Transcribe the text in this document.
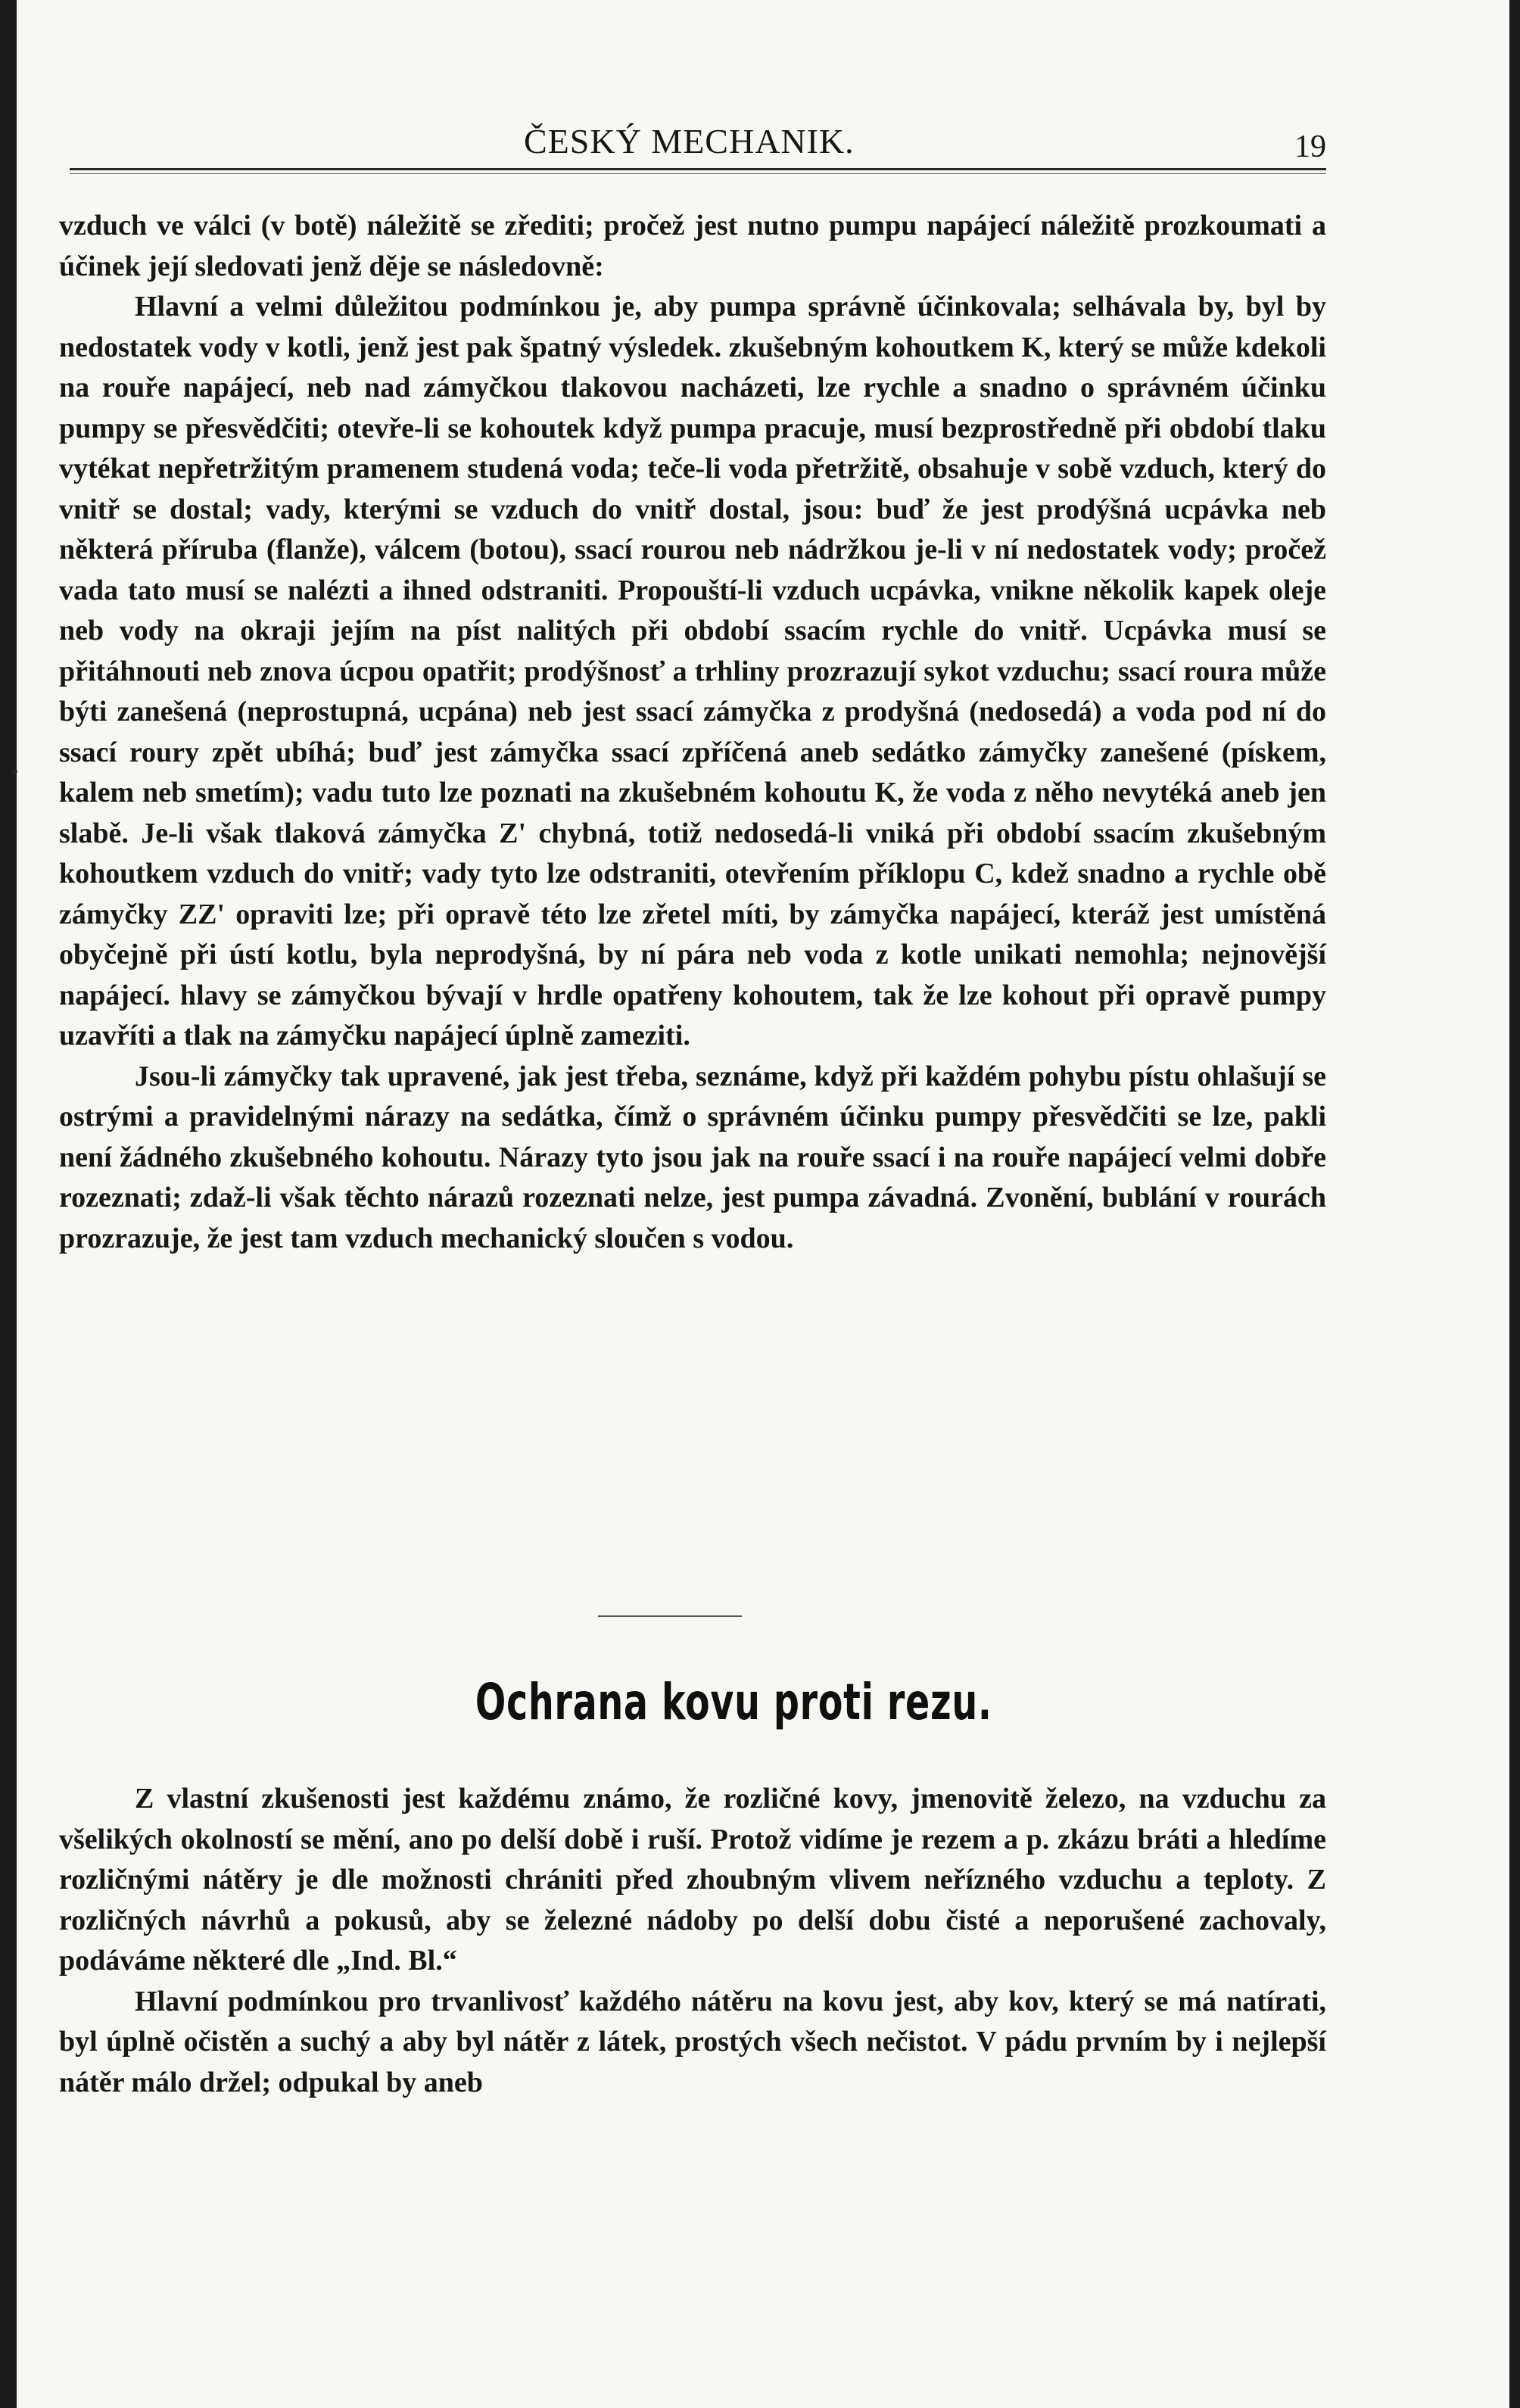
ČESKÝ MECHANIK.	19
•

vzduch ve válci (v botě) náležitě se zřediti; pročež jest nutno pumpu napájecí náležitě prozkoumati a účinek její sledovati jenž děje se následovně:

Hlavní a velmi důležitou podmínkou je, aby pumpa správně účinkovala; selhávala by, byl by nedostatek vody v kotli, jenž jest pak špatný výsledek. zkušebným kohoutkem K, který se může kdekoli na rouře napájecí, neb nad zámyčkou tlakovou nacházeti, lze rychle a snadno o správném účinku pumpy se přesvědčiti; otevře-li se kohoutek když pumpa pracuje, musí bezprostředně při období tlaku vytékat nepřetržitým pramenem studená voda; teče-li voda přetržitě, obsahuje v sobě vzduch, který do vnitř se dostal; vady, kterými se vzduch do vnitř dostal, jsou: buď že jest prodýšná ucpávka neb některá příruba (flanže), válcem (botou), ssací rourou neb nádržkou je-li v ní nedostatek vody; pročež vada tato musí se nalézti a ihned odstraniti. Propouští-li vzduch ucpávka, vnikne několik kapek oleje neb vody na okraji jejím na píst nalitých při období ssacím rychle do vnitř. Ucpávka musí se přitáhnouti neb znova úcpou opatřit; prodýšnosť a trhliny prozrazují sykot vzduchu; ssací roura může býti zanešená (neprostupná, ucpána) neb jest ssací zámyčka z prodyšná (nedosedá) a voda pod ní do ssací roury zpět ubíhá; buď jest zámyčka ssací zpříčená aneb sedátko zámyčky zanešené (pískem, kalem neb smetím); vadu tuto lze poznati na zkušebném kohoutu K, že voda z něho nevytéká aneb jen slabě. Je-li však tlaková zámyčka Z' chybná, totiž nedosedá-li vniká při období ssacím zkušebným kohoutkem vzduch do vnitř; vady tyto lze odstraniti, otevřením příklopu C, kdež snadno a rychle obě zámyčky ZZ' opraviti lze; při opravě této lze zřetel míti, by zámyčka napájecí, kteráž jest umístěná obyčejně při ústí kotlu, byla neprodyšná, by ní pára neb voda z kotle unikati nemohla; nejnovější napájecí. hlavy se zámyčkou bývají v hrdle opatřeny kohoutem, tak že lze kohout při opravě pumpy uzavříti a tlak na zámyčku napájecí úplně zameziti.

Jsou-li zámyčky tak upravené, jak jest třeba, seznáme, když při každém pohybu pístu ohlašují se ostrými a pravidelnými nárazy na sedátka, čímž o správném účinku pumpy přesvědčiti se lze, pakli není žádného zkušebného kohoutu. Nárazy tyto jsou jak na rouře ssací i na rouře napájecí velmi dobře rozeznati; zdaž-li však těchto nárazů rozeznati nelze, jest pumpa závadná. Zvonění, bublání v rourách prozrazuje, že jest tam vzduch mechanický sloučen s vodou.

Ochrana kovu proti rezu.

Z vlastní zkušenosti jest každému známo, že rozličné kovy, jmenovitě železo, na vzduchu za všelikých okolností se mění, ano po delší době i ruší. Protož vidíme je rezem a p. zkázu bráti a hledíme rozličnými nátěry je dle možnosti chrániti před zhoubným vlivem neřízného vzduchu a teploty. Z rozličných návrhů a pokusů, aby se železné nádoby po delší dobu čisté a neporušené zachovaly, podáváme některé dle „Ind. Bl.“

Hlavní podmínkou pro trvanlivosť každého nátěru na kovu jest, aby kov, který se má natírati, byl úplně očistěn a suchý a aby byl nátěr z látek, prostých všech nečistot. V pádu prvním by i nejlepší nátěr málo držel; odpukal by aneb
